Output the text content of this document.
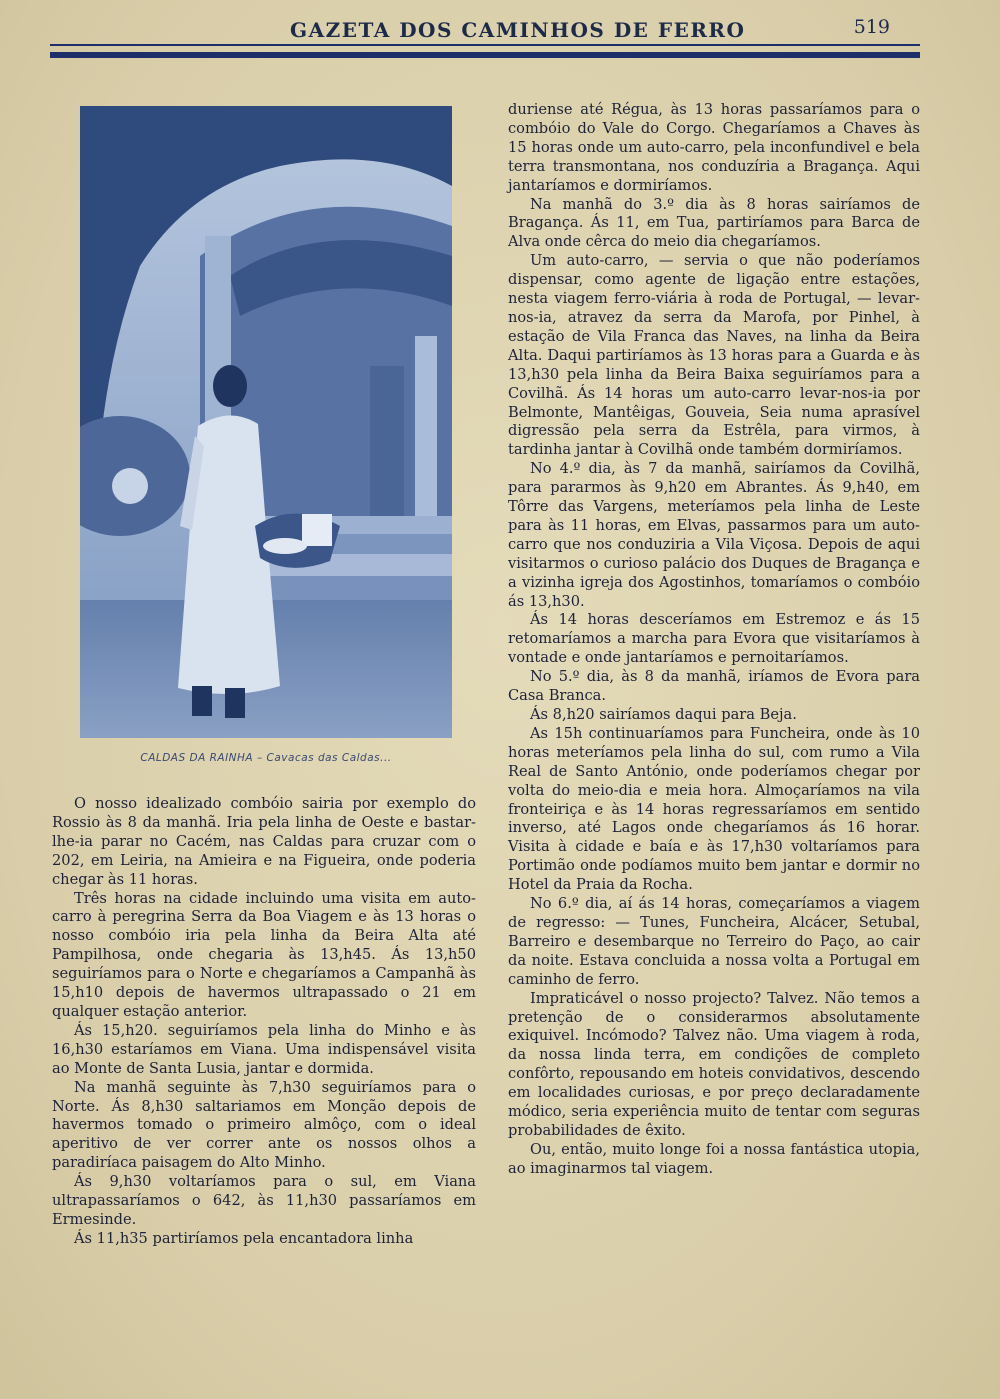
GAZETA DOS CAMINHOS DE FERRO	519
CALDAS DA RAINHA – Cavacas das Caldas...

duriense até Régua, às 13 horas passaríamos para o combóio do Vale do Corgo. Chegaríamos a Chaves às 15 horas onde um auto-carro, pela inconfundivel e bela terra transmontana, nos conduzíria a Bragança. Aqui jantaríamos e dormiríamos.

Na manhã do 3.º dia às 8 horas sairíamos de Bragança. Ás 11, em Tua, partiríamos para Barca de Alva onde cêrca do meio dia chegaríamos.

Um auto-carro, — servia o que não poderíamos dispensar, como agente de ligação entre estações, nesta viagem ferro-viária à roda de Portugal, — levar-nos-ia, atravez da serra da Marofa, por Pinhel, à estação de Vila Franca das Naves, na linha da Beira Alta. Daqui partiríamos às 13 horas para a Guarda e às 13,h30 pela linha da Beira Baixa seguiríamos para a Covilhã. Ás 14 horas um auto-carro levar-nos-ia por Belmonte, Mantêigas, Gouveia, Seia numa aprasível digressão pela serra da Estrêla, para virmos, à tardinha jantar à Covilhã onde também dormiríamos.

No 4.º dia, às 7 da manhã, sairíamos da Covilhã, para pararmos às 9,h20 em Abrantes. Ás 9,h40, em Tôrre das Vargens, meteríamos pela linha de Leste para às 11 horas, em Elvas, passarmos para um auto-carro que nos conduziria a Vila Viçosa. Depois de aqui visitarmos o curioso palácio dos Duques de Bragança e a vizinha igreja dos Agostinhos, tomaríamos o combóio ás 13,h30.

Ás 14 horas desceríamos em Estremoz e ás 15 retomaríamos a marcha para Evora que visitaríamos à vontade e onde jantaríamos e pernoitaríamos.

No 5.º dia, às 8 da manhã, iríamos de Evora para Casa Branca.

Ás 8,h20 sairíamos daqui para Beja.

As 15h continuaríamos para Funcheira, onde às 10 horas meteríamos pela linha do sul, com rumo a Vila Real de Santo António, onde poderíamos chegar por volta do meio-dia e meia hora. Almoçaríamos na vila fronteiriça e às 14 horas regressaríamos em sentido inverso, até Lagos onde chegaríamos ás 16 horar. Visita à cidade e baía e às 17,h30 voltaríamos para Portimão onde podíamos muito bem jantar e dormir no Hotel da Praia da Rocha.

No 6.º dia, aí ás 14 horas, começaríamos a viagem de regresso: — Tunes, Funcheira, Alcácer, Setubal, Barreiro e desembarque no Terreiro do Paço, ao cair da noite. Estava concluida a nossa volta a Portugal em caminho de ferro.

Impraticável o nosso projecto? Talvez. Não temos a pretenção de o considerarmos absolutamente exiquivel. Incómodo? Talvez não. Uma viagem à roda, da nossa linda terra, em condições de completo confôrto, repousando em hoteis convidativos, descendo em localidades curiosas, e por preço declaradamente módico, seria experiência muito de tentar com seguras probabilidades de êxito.

Ou, então, muito longe foi a nossa fantástica utopia, ao imaginarmos tal viagem.

O nosso idealizado combóio sairia por exemplo do Rossio às 8 da manhã. Iria pela linha de Oeste e bastar-lhe-ia parar no Cacém, nas Caldas para cruzar com o 202, em Leiria, na Amieira e na Figueira, onde poderia chegar às 11 horas.

Três horas na cidade incluindo uma visita em auto-carro à peregrina Serra da Boa Viagem e às 13 horas o nosso combóio iria pela linha da Beira Alta até Pampilhosa, onde chegaria às 13,h45. Ás 13,h50 seguiríamos para o Norte e chegaríamos a Campanhã às 15,h10 depois de havermos ultrapassado o 21 em qualquer estação anterior.

Ás 15,h20. seguiríamos pela linha do Minho e às 16,h30 estaríamos em Viana. Uma indispensável visita ao Monte de Santa Lusia, jantar e dormida.

Na manhã seguinte às 7,h30 seguiríamos para o Norte. Ás 8,h30 saltariamos em Monção depois de havermos tomado o primeiro almôço, com o ideal aperitivo de ver correr ante os nossos olhos a paradiríaca paisagem do Alto Minho.

Ás 9,h30 voltaríamos para o sul, em Viana ultrapassaríamos o 642, às 11,h30 passaríamos em Ermesinde.

Ás 11,h35 partiríamos pela encantadora linha
